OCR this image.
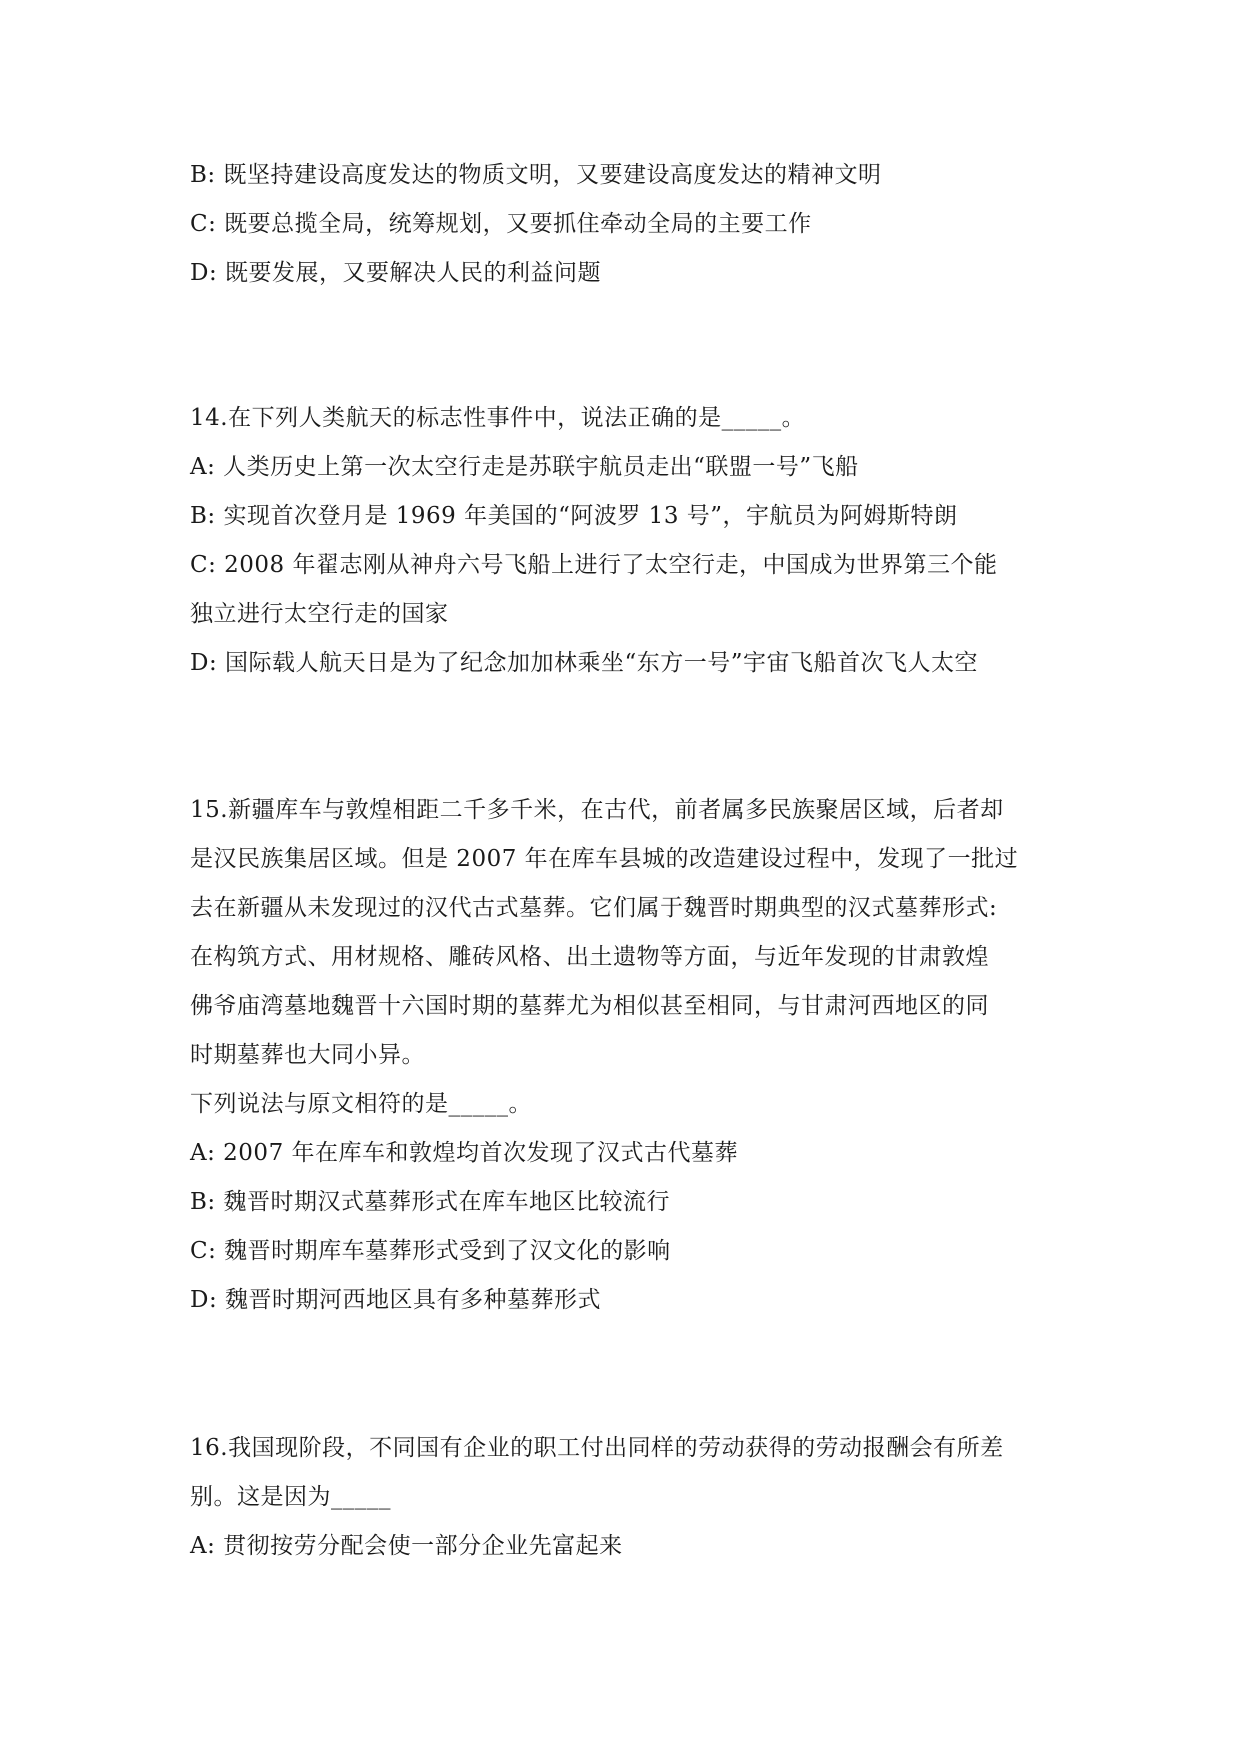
B: 既坚持建设高度发达的物质文明，又要建设高度发达的精神文明
C: 既要总揽全局，统筹规划，又要抓住牵动全局的主要工作
D: 既要发展，又要解决人民的利益问题
14.在下列人类航天的标志性事件中，说法正确的是_____。
A: 人类历史上第一次太空行走是苏联宇航员走出“联盟一号”飞船
B: 实现首次登月是 1969 年美国的“阿波罗 13 号”，宇航员为阿姆斯特朗
C: 2008 年翟志刚从神舟六号飞船上进行了太空行走，中国成为世界第三个能
独立进行太空行走的国家
D: 国际载人航天日是为了纪念加加林乘坐“东方一号”宇宙飞船首次飞人太空
15.新疆库车与敦煌相距二千多千米，在古代，前者属多民族聚居区域，后者却
是汉民族集居区域。但是 2007 年在库车县城的改造建设过程中，发现了一批过
去在新疆从未发现过的汉代古式墓葬。它们属于魏晋时期典型的汉式墓葬形式:
在构筑方式、用材规格、雕砖风格、出土遗物等方面，与近年发现的甘肃敦煌
佛爷庙湾墓地魏晋十六国时期的墓葬尤为相似甚至相同，与甘肃河西地区的同
时期墓葬也大同小异。
下列说法与原文相符的是_____。
A: 2007 年在库车和敦煌均首次发现了汉式古代墓葬
B: 魏晋时期汉式墓葬形式在库车地区比较流行
C: 魏晋时期库车墓葬形式受到了汉文化的影响
D: 魏晋时期河西地区具有多种墓葬形式
16.我国现阶段，不同国有企业的职工付出同样的劳动获得的劳动报酬会有所差
别。这是因为_____
A: 贯彻按劳分配会使一部分企业先富起来
